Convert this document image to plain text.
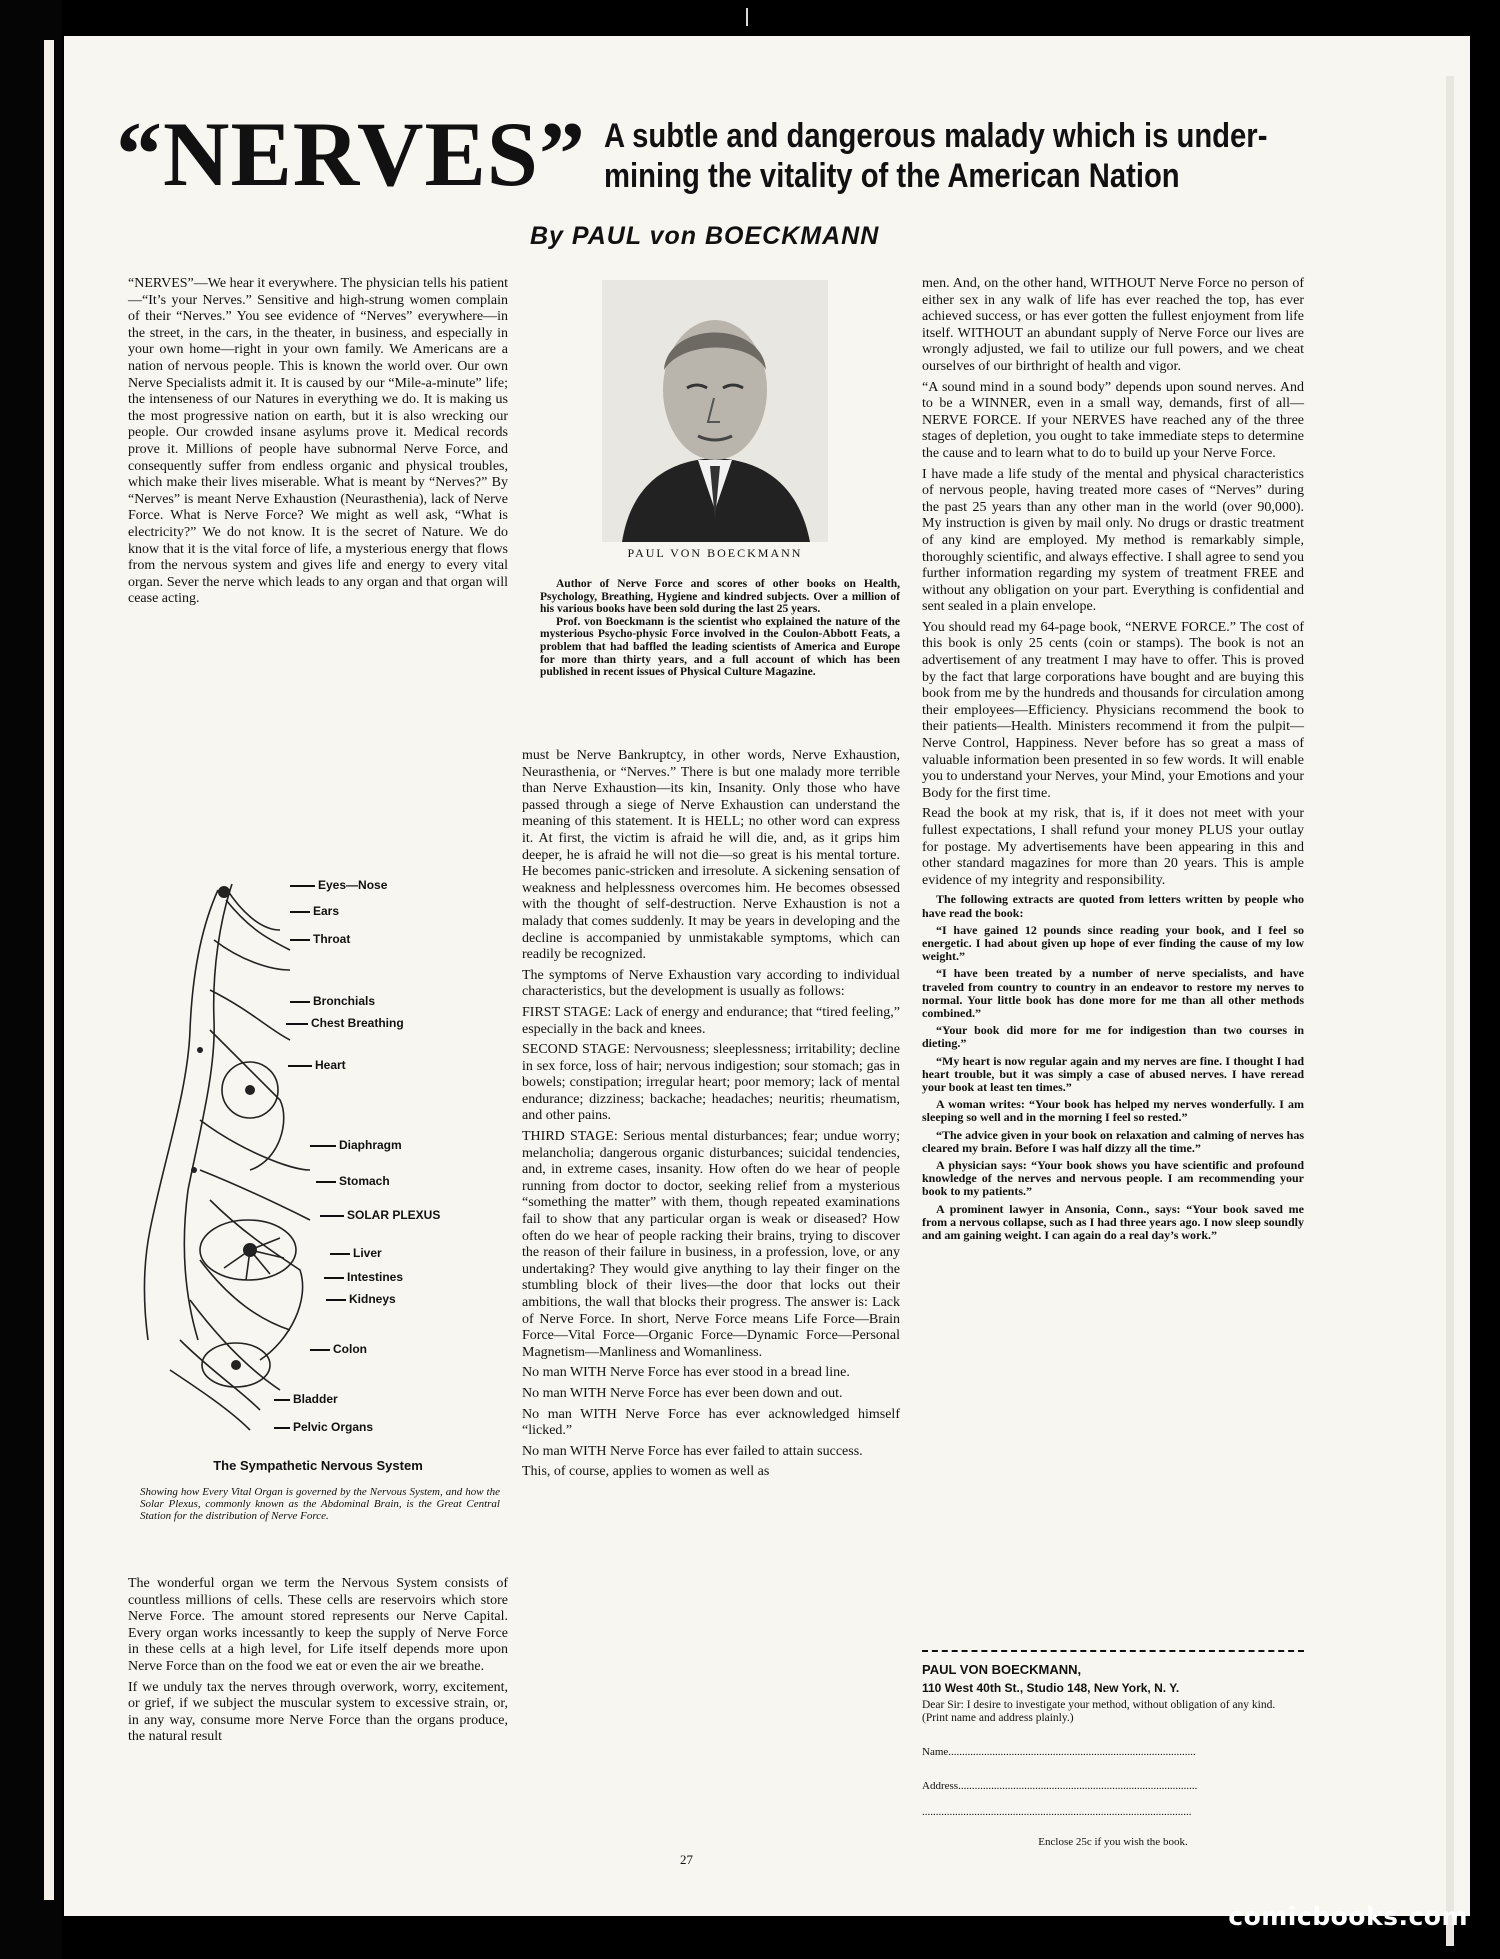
“NERVES” A subtle and dangerous malady which is under-
mining the vitality of the American Nation
By PAUL von BOECKMANN

“NERVES”—We hear it everywhere. The physician tells his patient—“It’s your Nerves.” Sensitive and high-strung women complain of their “Nerves.” You see evidence of “Nerves” everywhere—in the street, in the cars, in the theater, in business, and especially in your own home—right in your own family. We Americans are a nation of nervous people. This is known the world over. Our own Nerve Specialists admit it. It is caused by our “Mile-a-minute” life; the intenseness of our Natures in everything we do. It is making us the most progressive nation on earth, but it is also wrecking our people. Our crowded insane asylums prove it. Medical records prove it. Millions of people have subnormal Nerve Force, and consequently suffer from endless organic and physical troubles, which make their lives miserable. What is meant by “Nerves?” By “Nerves” is meant Nerve Exhaustion (Neurasthenia), lack of Nerve Force. What is Nerve Force? We might as well ask, “What is electricity?” We do not know. It is the secret of Nature. We do know that it is the vital force of life, a mysterious energy that flows from the nervous system and gives life and energy to every vital organ. Sever the nerve which leads to any organ and that organ will cease acting.

Eyes—Nose
Ears
Throat
Bronchials
Chest Breathing
Heart
Diaphragm
Stomach
SOLAR PLEXUS
Liver
Intestines
Kidneys
Colon
Bladder
Pelvic Organs
The Sympathetic Nervous System
Showing how Every Vital Organ is governed by the Nervous System, and how the Solar Plexus, commonly known as the Abdominal Brain, is the Great Central Station for the distribution of Nerve Force.

The wonderful organ we term the Nervous System consists of countless millions of cells. These cells are reservoirs which store Nerve Force. The amount stored represents our Nerve Capital. Every organ works incessantly to keep the supply of Nerve Force in these cells at a high level, for Life itself depends more upon Nerve Force than on the food we eat or even the air we breathe.

If we unduly tax the nerves through overwork, worry, excitement, or grief, if we subject the muscular system to excessive strain, or, in any way, consume more Nerve Force than the organs produce, the natural result

PAUL VON BOECKMANN

Author of Nerve Force and scores of other books on Health, Psychology, Breathing, Hygiene and kindred subjects. Over a million of his various books have been sold during the last 25 years.

Prof. von Boeckmann is the scientist who explained the nature of the mysterious Psycho-physic Force involved in the Coulon-Abbott Feats, a problem that had baffled the leading scientists of America and Europe for more than thirty years, and a full account of which has been published in recent issues of Physical Culture Magazine.

must be Nerve Bankruptcy, in other words, Nerve Exhaustion, Neurasthenia, or “Nerves.” There is but one malady more terrible than Nerve Exhaustion—its kin, Insanity. Only those who have passed through a siege of Nerve Exhaustion can understand the meaning of this statement. It is HELL; no other word can express it. At first, the victim is afraid he will die, and, as it grips him deeper, he is afraid he will not die—so great is his mental torture. He becomes panic-stricken and irresolute. A sickening sensation of weakness and helplessness overcomes him. He becomes obsessed with the thought of self-destruction. Nerve Exhaustion is not a malady that comes suddenly. It may be years in developing and the decline is accompanied by unmistakable symptoms, which can readily be recognized.

The symptoms of Nerve Exhaustion vary according to individual characteristics, but the development is usually as follows:

FIRST STAGE: Lack of energy and endurance; that “tired feeling,” especially in the back and knees.

SECOND STAGE: Nervousness; sleeplessness; irritability; decline in sex force, loss of hair; nervous indigestion; sour stomach; gas in bowels; constipation; irregular heart; poor memory; lack of mental endurance; dizziness; backache; headaches; neuritis; rheumatism, and other pains.

THIRD STAGE: Serious mental disturbances; fear; undue worry; melancholia; dangerous organic disturbances; suicidal tendencies, and, in extreme cases, insanity. How often do we hear of people running from doctor to doctor, seeking relief from a mysterious “something the matter” with them, though repeated examinations fail to show that any particular organ is weak or diseased? How often do we hear of people racking their brains, trying to discover the reason of their failure in business, in a profession, love, or any undertaking? They would give anything to lay their finger on the stumbling block of their lives—the door that locks out their ambitions, the wall that blocks their progress. The answer is: Lack of Nerve Force. In short, Nerve Force means Life Force—Brain Force—Vital Force—Organic Force—Dynamic Force—Personal Magnetism—Manliness and Womanliness.

No man WITH Nerve Force has ever stood in a bread line.

No man WITH Nerve Force has ever been down and out.

No man WITH Nerve Force has ever acknowledged himself “licked.”

No man WITH Nerve Force has ever failed to attain success.

This, of course, applies to women as well as

men. And, on the other hand, WITHOUT Nerve Force no person of either sex in any walk of life has ever reached the top, has ever achieved success, or has ever gotten the fullest enjoyment from life itself. WITHOUT an abundant supply of Nerve Force our lives are wrongly adjusted, we fail to utilize our full powers, and we cheat ourselves of our birthright of health and vigor.

“A sound mind in a sound body” depends upon sound nerves. And to be a WINNER, even in a small way, demands, first of all—NERVE FORCE. If your NERVES have reached any of the three stages of depletion, you ought to take immediate steps to determine the cause and to learn what to do to build up your Nerve Force.

I have made a life study of the mental and physical characteristics of nervous people, having treated more cases of “Nerves” during the past 25 years than any other man in the world (over 90,000). My instruction is given by mail only. No drugs or drastic treatment of any kind are employed. My method is remarkably simple, thoroughly scientific, and always effective. I shall agree to send you further information regarding my system of treatment FREE and without any obligation on your part. Everything is confidential and sent sealed in a plain envelope.

You should read my 64-page book, “NERVE FORCE.” The cost of this book is only 25 cents (coin or stamps). The book is not an advertisement of any treatment I may have to offer. This is proved by the fact that large corporations have bought and are buying this book from me by the hundreds and thousands for circulation among their employees—Efficiency. Physicians recommend the book to their patients—Health. Ministers recommend it from the pulpit—Nerve Control, Happiness. Never before has so great a mass of valuable information been presented in so few words. It will enable you to understand your Nerves, your Mind, your Emotions and your Body for the first time.

Read the book at my risk, that is, if it does not meet with your fullest expectations, I shall refund your money PLUS your outlay for postage. My advertisements have been appearing in this and other standard magazines for more than 20 years. This is ample evidence of my integrity and responsibility.

The following extracts are quoted from letters written by people who have read the book:

“I have gained 12 pounds since reading your book, and I feel so energetic. I had about given up hope of ever finding the cause of my low weight.”

“I have been treated by a number of nerve specialists, and have traveled from country to country in an endeavor to restore my nerves to normal. Your little book has done more for me than all other methods combined.”

“Your book did more for me for indigestion than two courses in dieting.”

“My heart is now regular again and my nerves are fine. I thought I had heart trouble, but it was simply a case of abused nerves. I have reread your book at least ten times.”

A woman writes: “Your book has helped my nerves wonderfully. I am sleeping so well and in the morning I feel so rested.”

“The advice given in your book on relaxation and calming of nerves has cleared my brain. Before I was half dizzy all the time.”

A physician says: “Your book shows you have scientific and profound knowledge of the nerves and nervous people. I am recommending your book to my patients.”

A prominent lawyer in Ansonia, Conn., says: “Your book saved me from a nervous collapse, such as I had three years ago. I now sleep soundly and am gaining weight. I can again do a real day’s work.”

PAUL VON BOECKMANN,
110 West 40th St., Studio 148, New York, N. Y.
Dear Sir: I desire to investigate your method, without obligation of any kind. (Print name and address plainly.)
Name..........................................................................................
Address.......................................................................................
..................................................................................................
Enclose 25c if you wish the book.
27
comicbooks.com
